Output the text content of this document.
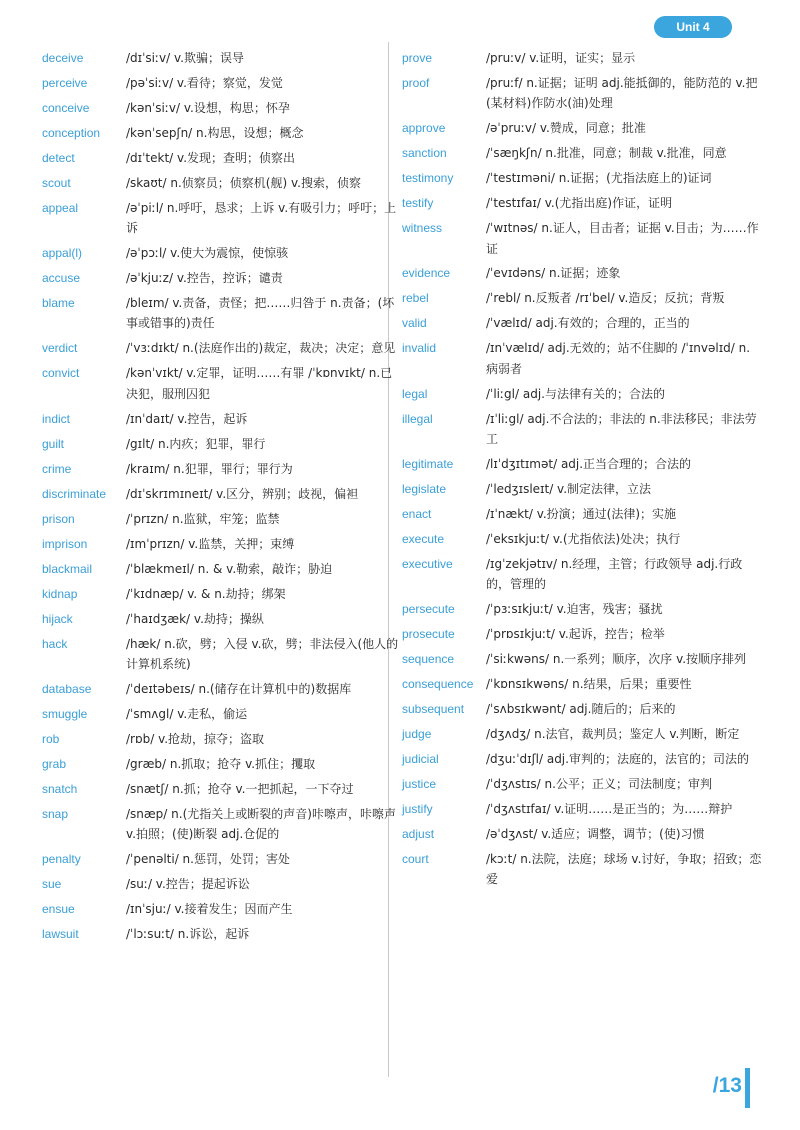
Unit 4
deceive	/dɪˈsiːv/ v.欺骗；误导
perceive	/pəˈsiːv/ v.看待；察觉，发觉
conceive	/kənˈsiːv/ v.设想，构思；怀孕
conception	/kənˈsepʃn/ n.构思，设想；概念
detect	/dɪˈtekt/ v.发现；查明；侦察出
scout	/skaʊt/ n.侦察员；侦察机(舰) v.搜索，侦察
appeal	/əˈpiːl/ n.呼吁，恳求；上诉 v.有吸引力；呼吁；上诉
appal(l)	/əˈpɔːl/ v.使大为震惊，使惊骇
accuse	/əˈkjuːz/ v.控告，控诉；谴责
blame	/bleɪm/ v.责备，责怪；把……归咎于 n.责备；(坏事或错事的)责任
verdict	/ˈvɜːdɪkt/ n.(法庭作出的)裁定，裁决；决定；意见
convict	/kənˈvɪkt/ v.定罪，证明……有罪 /ˈkɒnvɪkt/ n.已决犯，服刑囚犯
indict	/ɪnˈdaɪt/ v.控告，起诉
guilt	/gɪlt/ n.内疚；犯罪，罪行
crime	/kraɪm/ n.犯罪，罪行；罪行为
discriminate	/dɪˈskrɪmɪneɪt/ v.区分，辨别；歧视，偏袒
prison	/ˈprɪzn/ n.监狱，牢笼；监禁
imprison	/ɪmˈprɪzn/ v.监禁，关押；束缚
blackmail	/ˈblækmeɪl/ n. & v.勒索，敲诈；胁迫
kidnap	/ˈkɪdnæp/ v. & n.劫持；绑架
hijack	/ˈhaɪdʒæk/ v.劫持；操纵
hack	/hæk/ n.砍，劈；入侵 v.砍，劈；非法侵入(他人的计算机系统)
database	/ˈdeɪtəbeɪs/ n.(储存在计算机中的)数据库
smuggle	/ˈsmʌgl/ v.走私，偷运
rob	/rɒb/ v.抢劫，掠夺；盗取
grab	/græb/ n.抓取；抢夺 v.抓住；攫取
snatch	/snætʃ/ n.抓；抢夺 v.一把抓起，一下夺过
snap	/snæp/ n.(尤指关上或断裂的声音)咔嚓声，咔嚓声 v.拍照；(使)断裂 adj.仓促的
penalty	/ˈpenəlti/ n.惩罚，处罚；害处
sue	/suː/ v.控告；提起诉讼
ensue	/ɪnˈsjuː/ v.接着发生；因而产生
lawsuit	/ˈlɔːsuːt/ n.诉讼，起诉
prove	/pruːv/ v.证明，证实；显示
proof	/pruːf/ n.证据；证明 adj.能抵御的，能防范的 v.把(某材料)作防水(油)处理
approve	/əˈpruːv/ v.赞成，同意；批准
sanction	/ˈsæŋkʃn/ n.批准，同意；制裁 v.批准，同意
testimony	/ˈtestɪməni/ n.证据；(尤指法庭上的)证词
testify	/ˈtestɪfaɪ/ v.(尤指出庭)作证，证明
witness	/ˈwɪtnəs/ n.证人，目击者；证据 v.目击；为……作证
evidence	/ˈevɪdəns/ n.证据；迹象
rebel	/ˈrebl/ n.反叛者 /rɪˈbel/ v.造反；反抗；背叛
valid	/ˈvælɪd/ adj.有效的；合理的，正当的
invalid	/ɪnˈvælɪd/ adj.无效的；站不住脚的 /ˈɪnvəlɪd/ n.病弱者
legal	/ˈliːgl/ adj.与法律有关的；合法的
illegal	/ɪˈliːgl/ adj.不合法的；非法的 n.非法移民；非法劳工
legitimate	/lɪˈdʒɪtɪmət/ adj.正当合理的；合法的
legislate	/ˈledʒɪsleɪt/ v.制定法律，立法
enact	/ɪˈnækt/ v.扮演；通过(法律)；实施
execute	/ˈeksɪkjuːt/ v.(尤指依法)处决；执行
executive	/ɪgˈzekjətɪv/ n.经理，主管；行政领导 adj.行政的，管理的
persecute	/ˈpɜːsɪkjuːt/ v.迫害，残害；骚扰
prosecute	/ˈprɒsɪkjuːt/ v.起诉，控告；检举
sequence	/ˈsiːkwəns/ n.一系列；顺序，次序 v.按顺序排列
consequence	/ˈkɒnsɪkwəns/ n.结果，后果；重要性
subsequent	/ˈsʌbsɪkwənt/ adj.随后的；后来的
judge	/dʒʌdʒ/ n.法官，裁判员；鉴定人 v.判断，断定
judicial	/dʒuːˈdɪʃl/ adj.审判的；法庭的，法官的；司法的
justice	/ˈdʒʌstɪs/ n.公平；正义；司法制度；审判
justify	/ˈdʒʌstɪfaɪ/ v.证明……是正当的；为……辩护
adjust	/əˈdʒʌst/ v.适应；调整，调节；(使)习惯
court	/kɔːt/ n.法院，法庭；球场 v.讨好，争取；招致；恋爱
/13
